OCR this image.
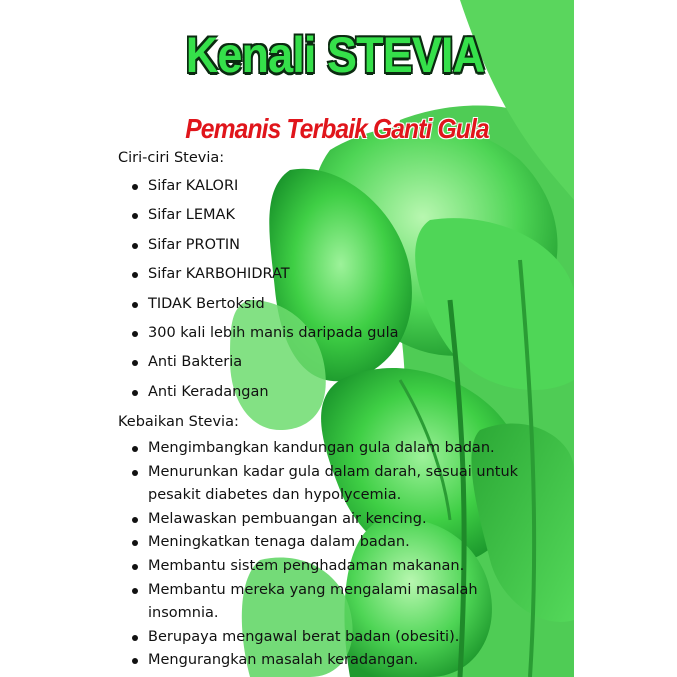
Kenali STEVIA
Pemanis Terbaik Ganti Gula
Ciri-ciri Stevia:
Sifar KALORI
Sifar LEMAK
Sifar PROTIN
Sifar KARBOHIDRAT
TIDAK Bertoksid
300 kali lebih manis daripada gula
Anti Bakteria
Anti Keradangan
Kebaikan Stevia:
Mengimbangkan kandungan gula dalam badan.
Menurunkan kadar gula dalam darah, sesuai untuk pesakit diabetes dan hypolycemia.
Melawaskan pembuangan air kencing.
Meningkatkan tenaga dalam badan.
Membantu sistem penghadaman makanan.
Membantu mereka yang mengalami masalah insomnia.
Berupaya mengawal berat badan (obesiti).
Mengurangkan masalah keradangan.
